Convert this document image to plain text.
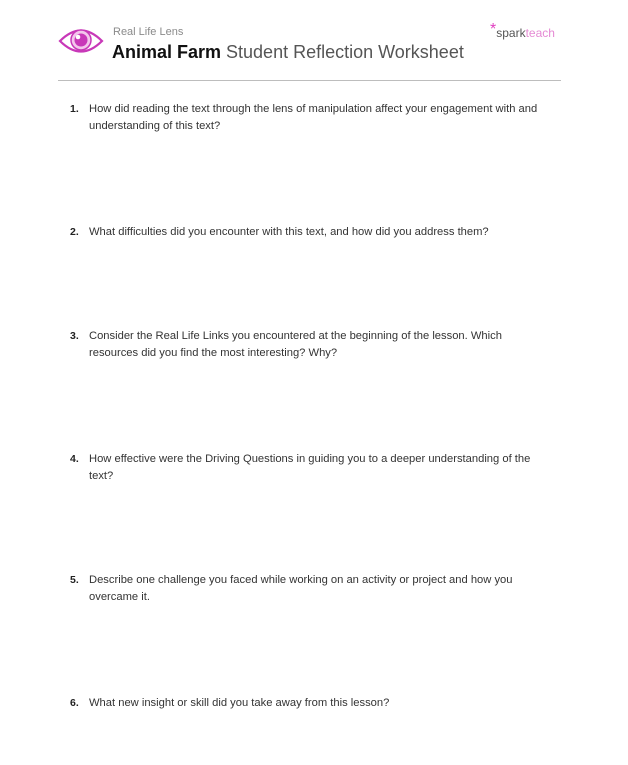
Real Life Lens
Animal Farm Student Reflection Worksheet
*sparkteach
1. How did reading the text through the lens of manipulation affect your engagement with and understanding of this text?
2. What difficulties did you encounter with this text, and how did you address them?
3. Consider the Real Life Links you encountered at the beginning of the lesson. Which resources did you find the most interesting? Why?
4. How effective were the Driving Questions in guiding you to a deeper understanding of the text?
5. Describe one challenge you faced while working on an activity or project and how you overcame it.
6. What new insight or skill did you take away from this lesson?
